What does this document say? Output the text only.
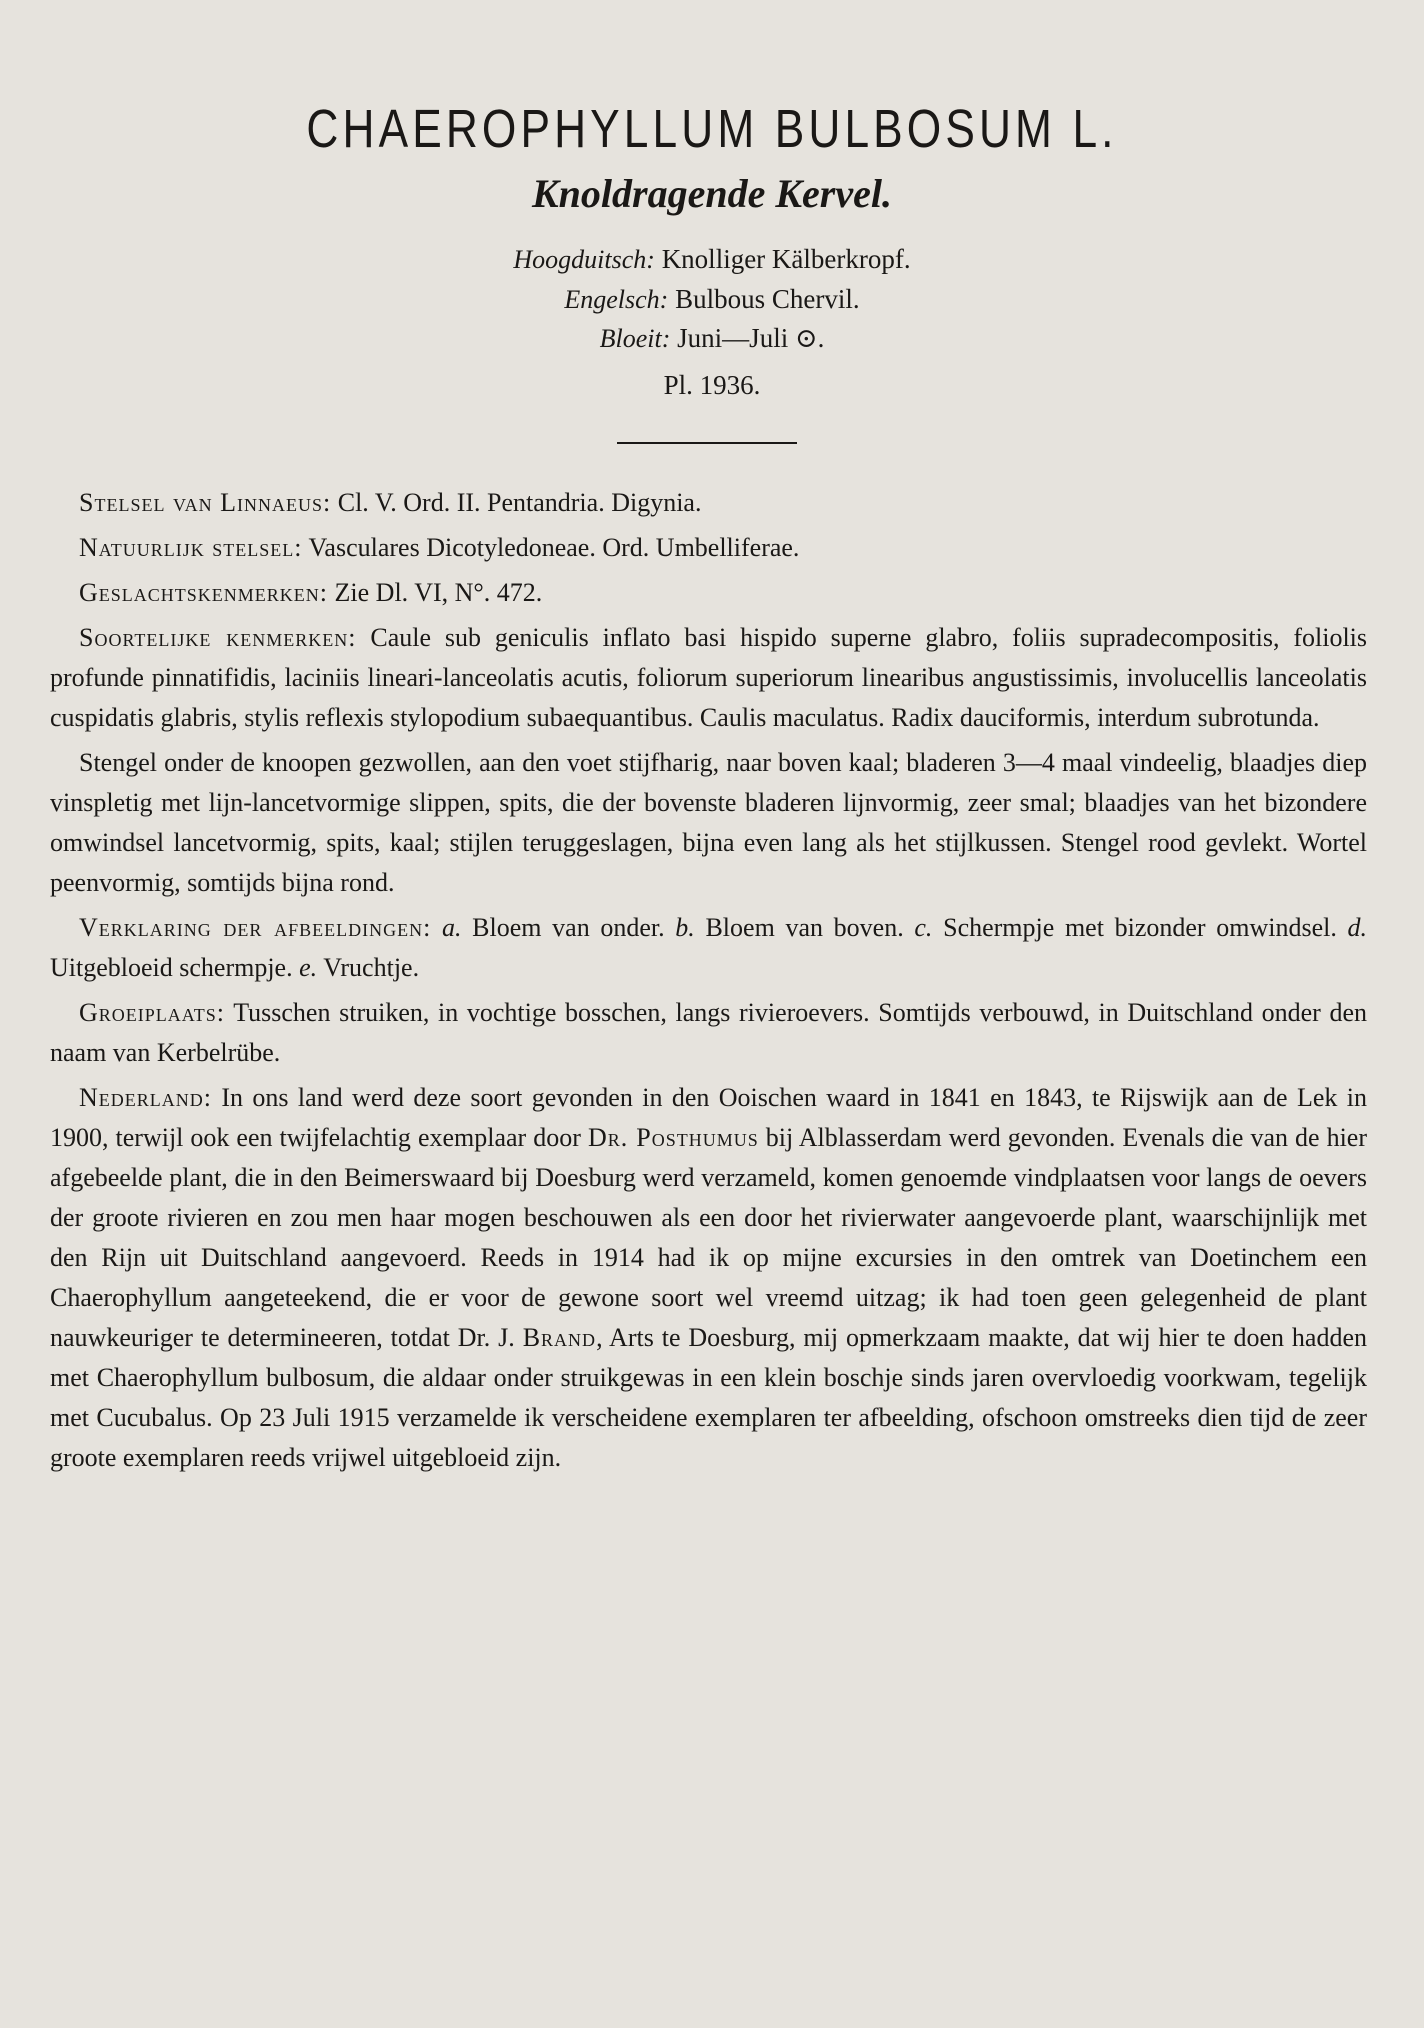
CHAEROPHYLLUM BULBOSUM L.
Knoldragende Kervel.
Hoogduitsch: Knolliger Kälberkropf.
Engelsch: Bulbous Chervil.
Bloeit: Juni—Juli ⊙.
Pl. 1936.

Stelsel van Linnaeus: Cl. V. Ord. II. Pentandria. Digynia.

Natuurlijk stelsel: Vasculares Dicotyledoneae. Ord. Umbelliferae.

Geslachtskenmerken: Zie Dl. VI, N°. 472.

Soortelijke kenmerken: Caule sub geniculis inflato basi hispido superne glabro, foliis supradecompositis, foliolis profunde pinnatifidis, laciniis lineari-lanceolatis acutis, foliorum superiorum linearibus angustissimis, involucellis lanceolatis cuspidatis glabris, stylis reflexis stylopodium subaequantibus. Caulis maculatus. Radix dauciformis, interdum subrotunda.

Stengel onder de knoopen gezwollen, aan den voet stijfharig, naar boven kaal; bladeren 3—4 maal vindeelig, blaadjes diep vinspletig met lijn-lancetvormige slippen, spits, die der bovenste bladeren lijnvormig, zeer smal; blaadjes van het bizondere omwindsel lancetvormig, spits, kaal; stijlen teruggeslagen, bijna even lang als het stijlkussen. Stengel rood gevlekt. Wortel peenvormig, somtijds bijna rond.

Verklaring der afbeeldingen: a. Bloem van onder. b. Bloem van boven. c. Schermpje met bizonder omwindsel. d. Uitgebloeid schermpje. e. Vruchtje.

Groeiplaats: Tusschen struiken, in vochtige bosschen, langs rivieroevers. Somtijds verbouwd, in Duitschland onder den naam van Kerbelrübe.

Nederland: In ons land werd deze soort gevonden in den Ooischen waard in 1841 en 1843, te Rijswijk aan de Lek in 1900, terwijl ook een twijfelachtig exemplaar door Dr. Posthumus bij Alblasserdam werd gevonden. Evenals die van de hier afgebeelde plant, die in den Beimerswaard bij Doesburg werd verzameld, komen genoemde vindplaatsen voor langs de oevers der groote rivieren en zou men haar mogen beschouwen als een door het rivierwater aangevoerde plant, waarschijnlijk met den Rijn uit Duitschland aangevoerd. Reeds in 1914 had ik op mijne excursies in den omtrek van Doetinchem een Chaerophyllum aangeteekend, die er voor de gewone soort wel vreemd uitzag; ik had toen geen gelegenheid de plant nauwkeuriger te determineeren, totdat Dr. J. Brand, Arts te Doesburg, mij opmerkzaam maakte, dat wij hier te doen hadden met Chaerophyllum bulbosum, die aldaar onder struikgewas in een klein boschje sinds jaren overvloedig voorkwam, tegelijk met Cucubalus. Op 23 Juli 1915 verzamelde ik verscheidene exemplaren ter afbeelding, ofschoon omstreeks dien tijd de zeer groote exemplaren reeds vrijwel uitgebloeid zijn.
